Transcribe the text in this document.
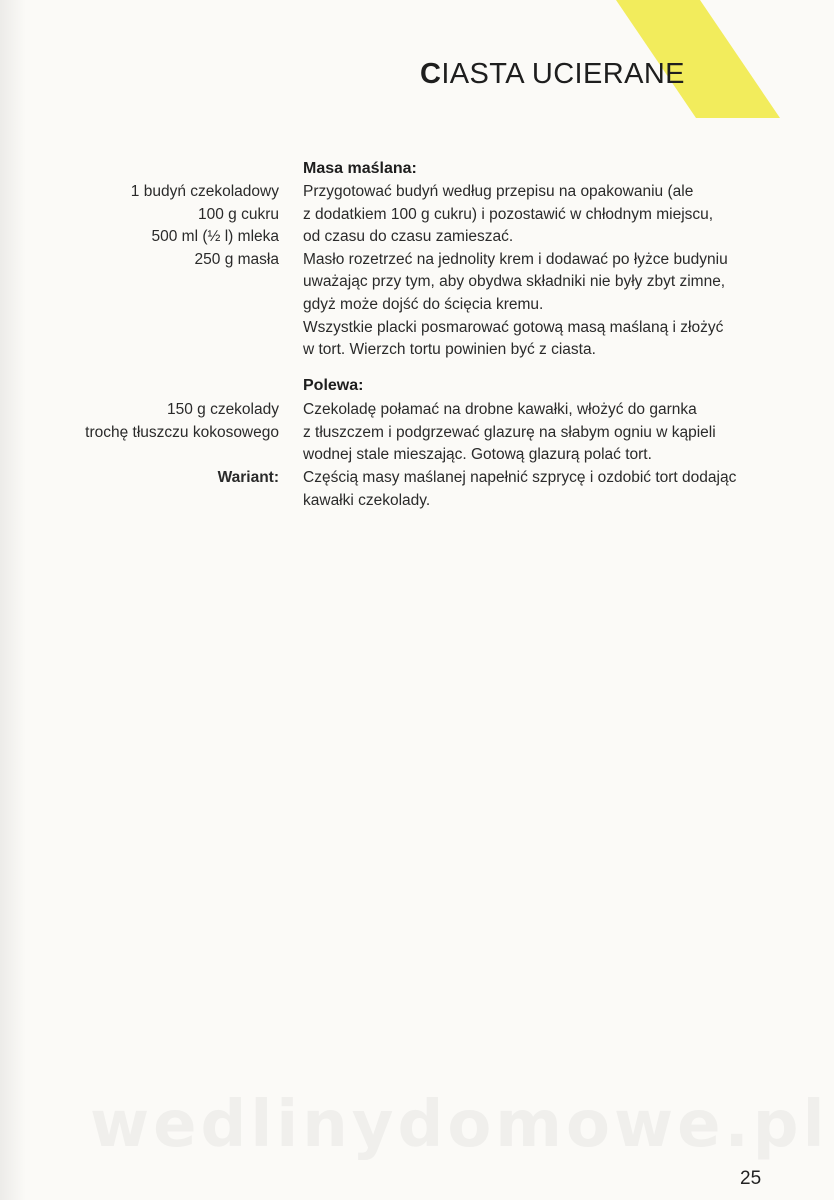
CIASTA UCIERANE
Masa maślana:
1 budyń czekoladowy
100 g cukru
500 ml (½ l) mleka
250 g masła
Przygotować budyń według przepisu na opakowaniu (ale
z dodatkiem 100 g cukru) i pozostawić w chłodnym miejscu,
od czasu do czasu zamieszać.
Masło rozetrzeć na jednolity krem i dodawać po łyżce budyniu
uważając przy tym, aby obydwa składniki nie były zbyt zimne,
gdyż może dojść do ścięcia kremu.
Wszystkie placki posmarować gotową masą maślaną i złożyć
w tort. Wierzch tortu powinien być z ciasta.
Polewa:
150 g czekolady
trochę tłuszczu kokosowego
Czekoladę połamać na drobne kawałki, włożyć do garnka
z tłuszczem i podgrzewać glazurę na słabym ogniu w kąpieli
wodnej stale mieszając. Gotową glazurą polać tort.
Wariant: Częścią masy maślanej napełnić szprycę i ozdobić tort dodając
kawałki czekolady.
wedlinydomowe.pl
25
